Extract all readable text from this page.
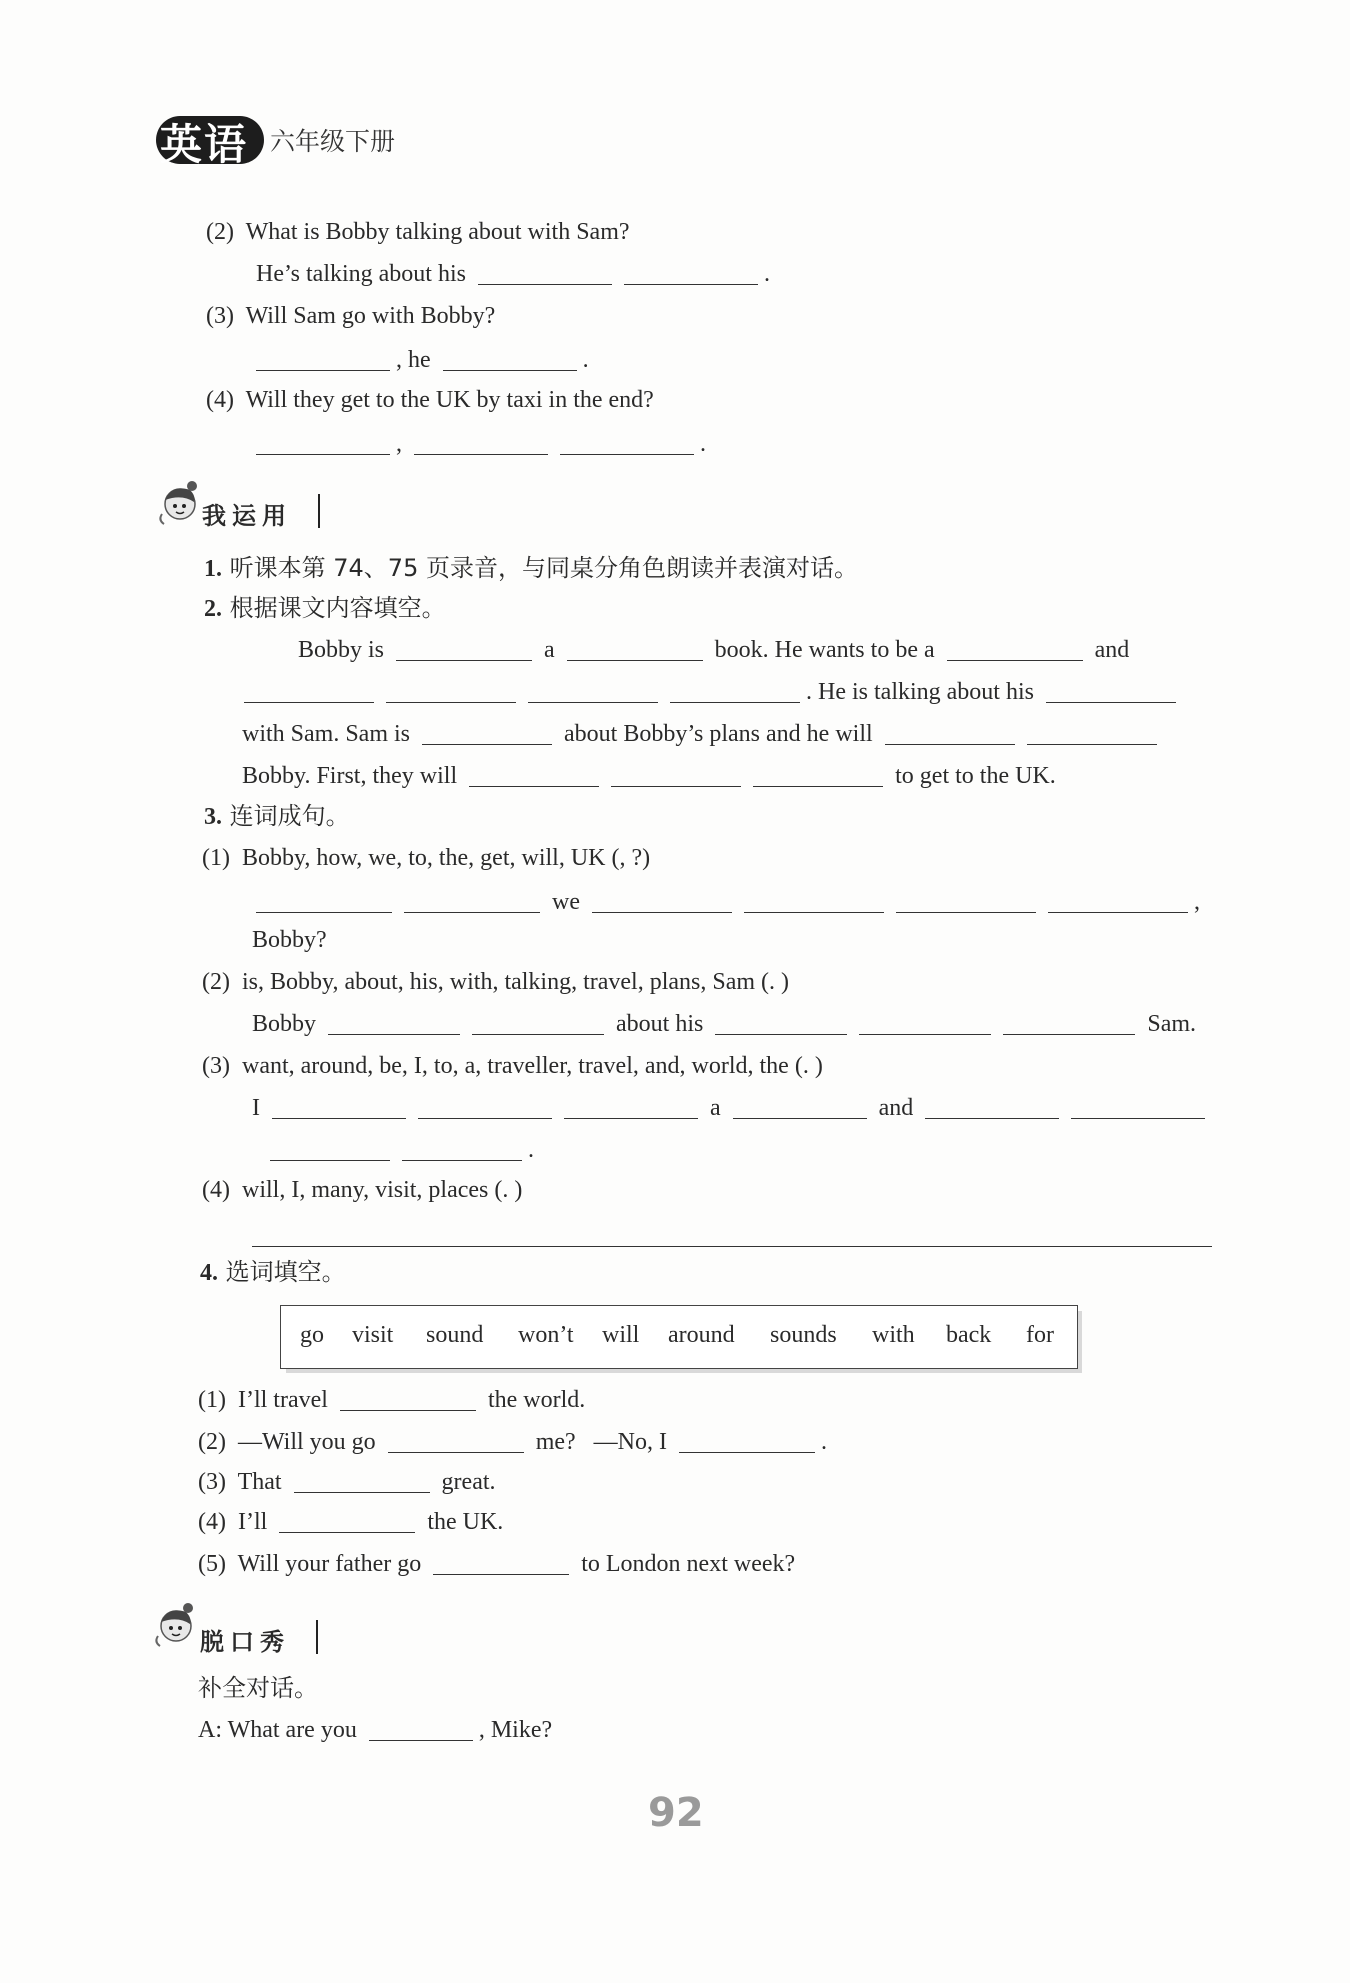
英语 六年级下册
(2) What is Bobby talking about with Sam?
He’s talking about his	.
(3) Will Sam go with Bobby?
, he	.
(4) Will they get to the UK by taxi in the end?
,	.
我运用
1. 听课本第 74、75 页录音，与同桌分角色朗读并表演对话。
2. 根据课文内容填空。
Bobby is	a	book. He wants to be a	and
. He is talking about his
with Sam. Sam is	about Bobby’s plans and he will
Bobby. First, they will	to get to the UK.
3. 连词成句。
(1) Bobby, how, we, to, the, get, will, UK (, ?)
we	,
Bobby?
(2) is, Bobby, about, his, with, talking, travel, plans, Sam (. )
Bobby	about his	Sam.
(3) want, around, be, I, to, a, traveller, travel, and, world, the (. )
I	a	and
.
(4) will, I, many, visit, places (. )
4. 选词填空。
go visit sound won’t will around sounds with back for
(1) I’ll travel	the world.
(2) —Will you go	me?   —No, I	.
(3) That	great.
(4) I’ll	the UK.
(5) Will your father go	to London next week?
脱口秀
补全对话。
A: What are you	, Mike?
92
